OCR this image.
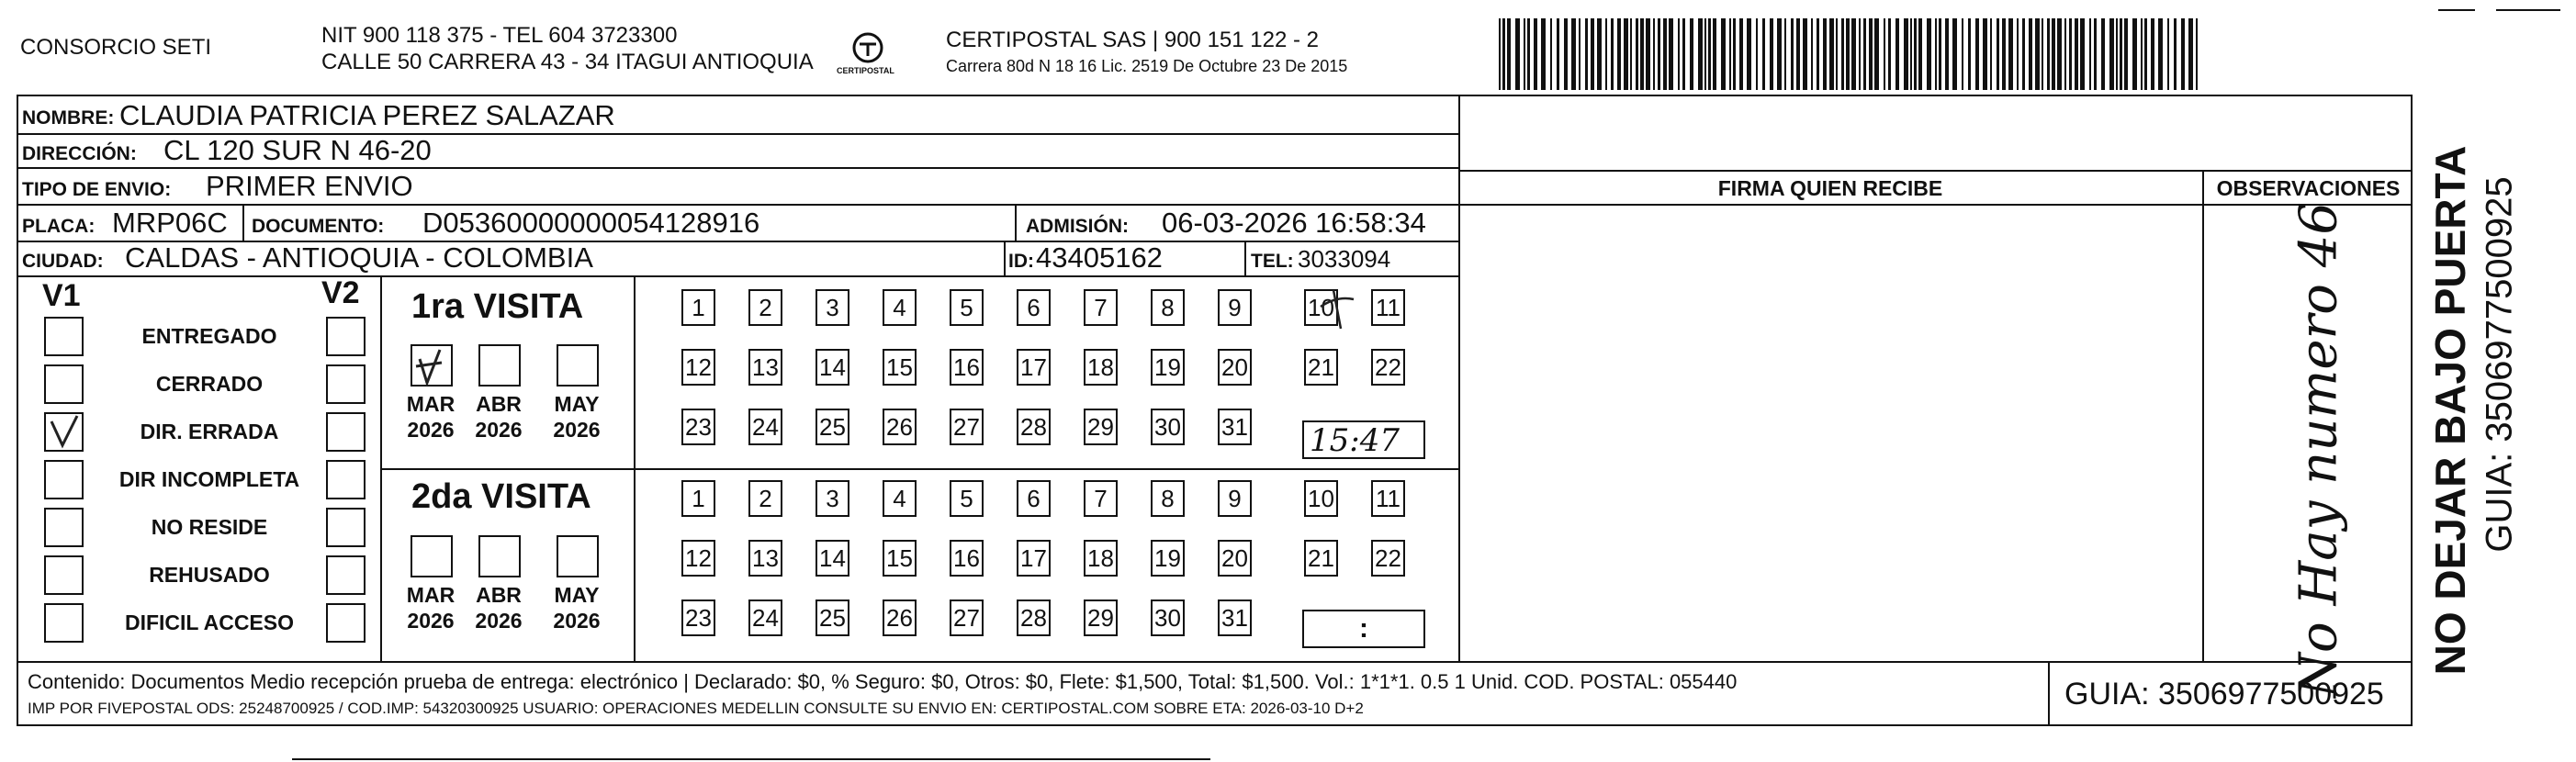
CONSORCIO SETI	NIT 900 118 375 - TEL 604 3723300
CALLE 50 CARRERA 43 - 34 ITAGUI ANTIOQUIA	CERTIPOSTAL
CERTIPOSTAL SAS | 900 151 122 - 2
Carrera 80d N 18 16 Lic. 2519 De Octubre 23 De 2015
NOMBRE: CLAUDIA PATRICIA PEREZ SALAZAR
DIRECCIÓN: CL 120 SUR N 46-20
TIPO DE ENVIO: PRIMER ENVIO
PLACA: MRP06C DOCUMENTO: D05360000000054128916	ADMISIÓN: 06-03-2026 16:58:34
CIUDAD: CALDAS - ANTIOQUIA - COLOMBIA	ID: 43405162	TEL: 3033094
FIRMA QUIEN RECIBE	OBSERVACIONES
V1	V2
ENTREGADO
CERRADO
DIR. ERRADA
DIR INCOMPLETA
NO RESIDE
REHUSADO
DIFICIL ACCESO
1ra VISITA
2da VISITA
MAR
2026
ABR
2026
MAY
2026
1	2	3	4	5	6	7	8	9	10 11
12 13 14 15 16 17 18 19 20	21 22
23 24 25 26 27 28 29 30 31
MAR
2026
ABR
2026
MAY
2026
1	2	3	4	5	6	7	8	9	10 11
12 13 14 15 16 17 18 19 20	21 22
23 24 25 26 27 28 29 30 31
15:47
:	No Hay numero 46
Contenido: Documentos Medio recepción prueba de entrega: electrónico | Declarado: $0, % Seguro: $0, Otros: $0, Flete: $1,500, Total: $1,500. Vol.: 1*1*1. 0.5 1 Unid. COD. POSTAL: 055440
IMP POR FIVEPOSTAL ODS: 25248700925 / COD.IMP: 54320300925 USUARIO: OPERACIONES MEDELLIN CONSULTE SU ENVIO EN: CERTIPOSTAL.COM SOBRE ETA: 2026-03-10 D+2	GUIA: 3506977500925
NO DEJAR BAJO PUERTA GUIA: 3506977500925
